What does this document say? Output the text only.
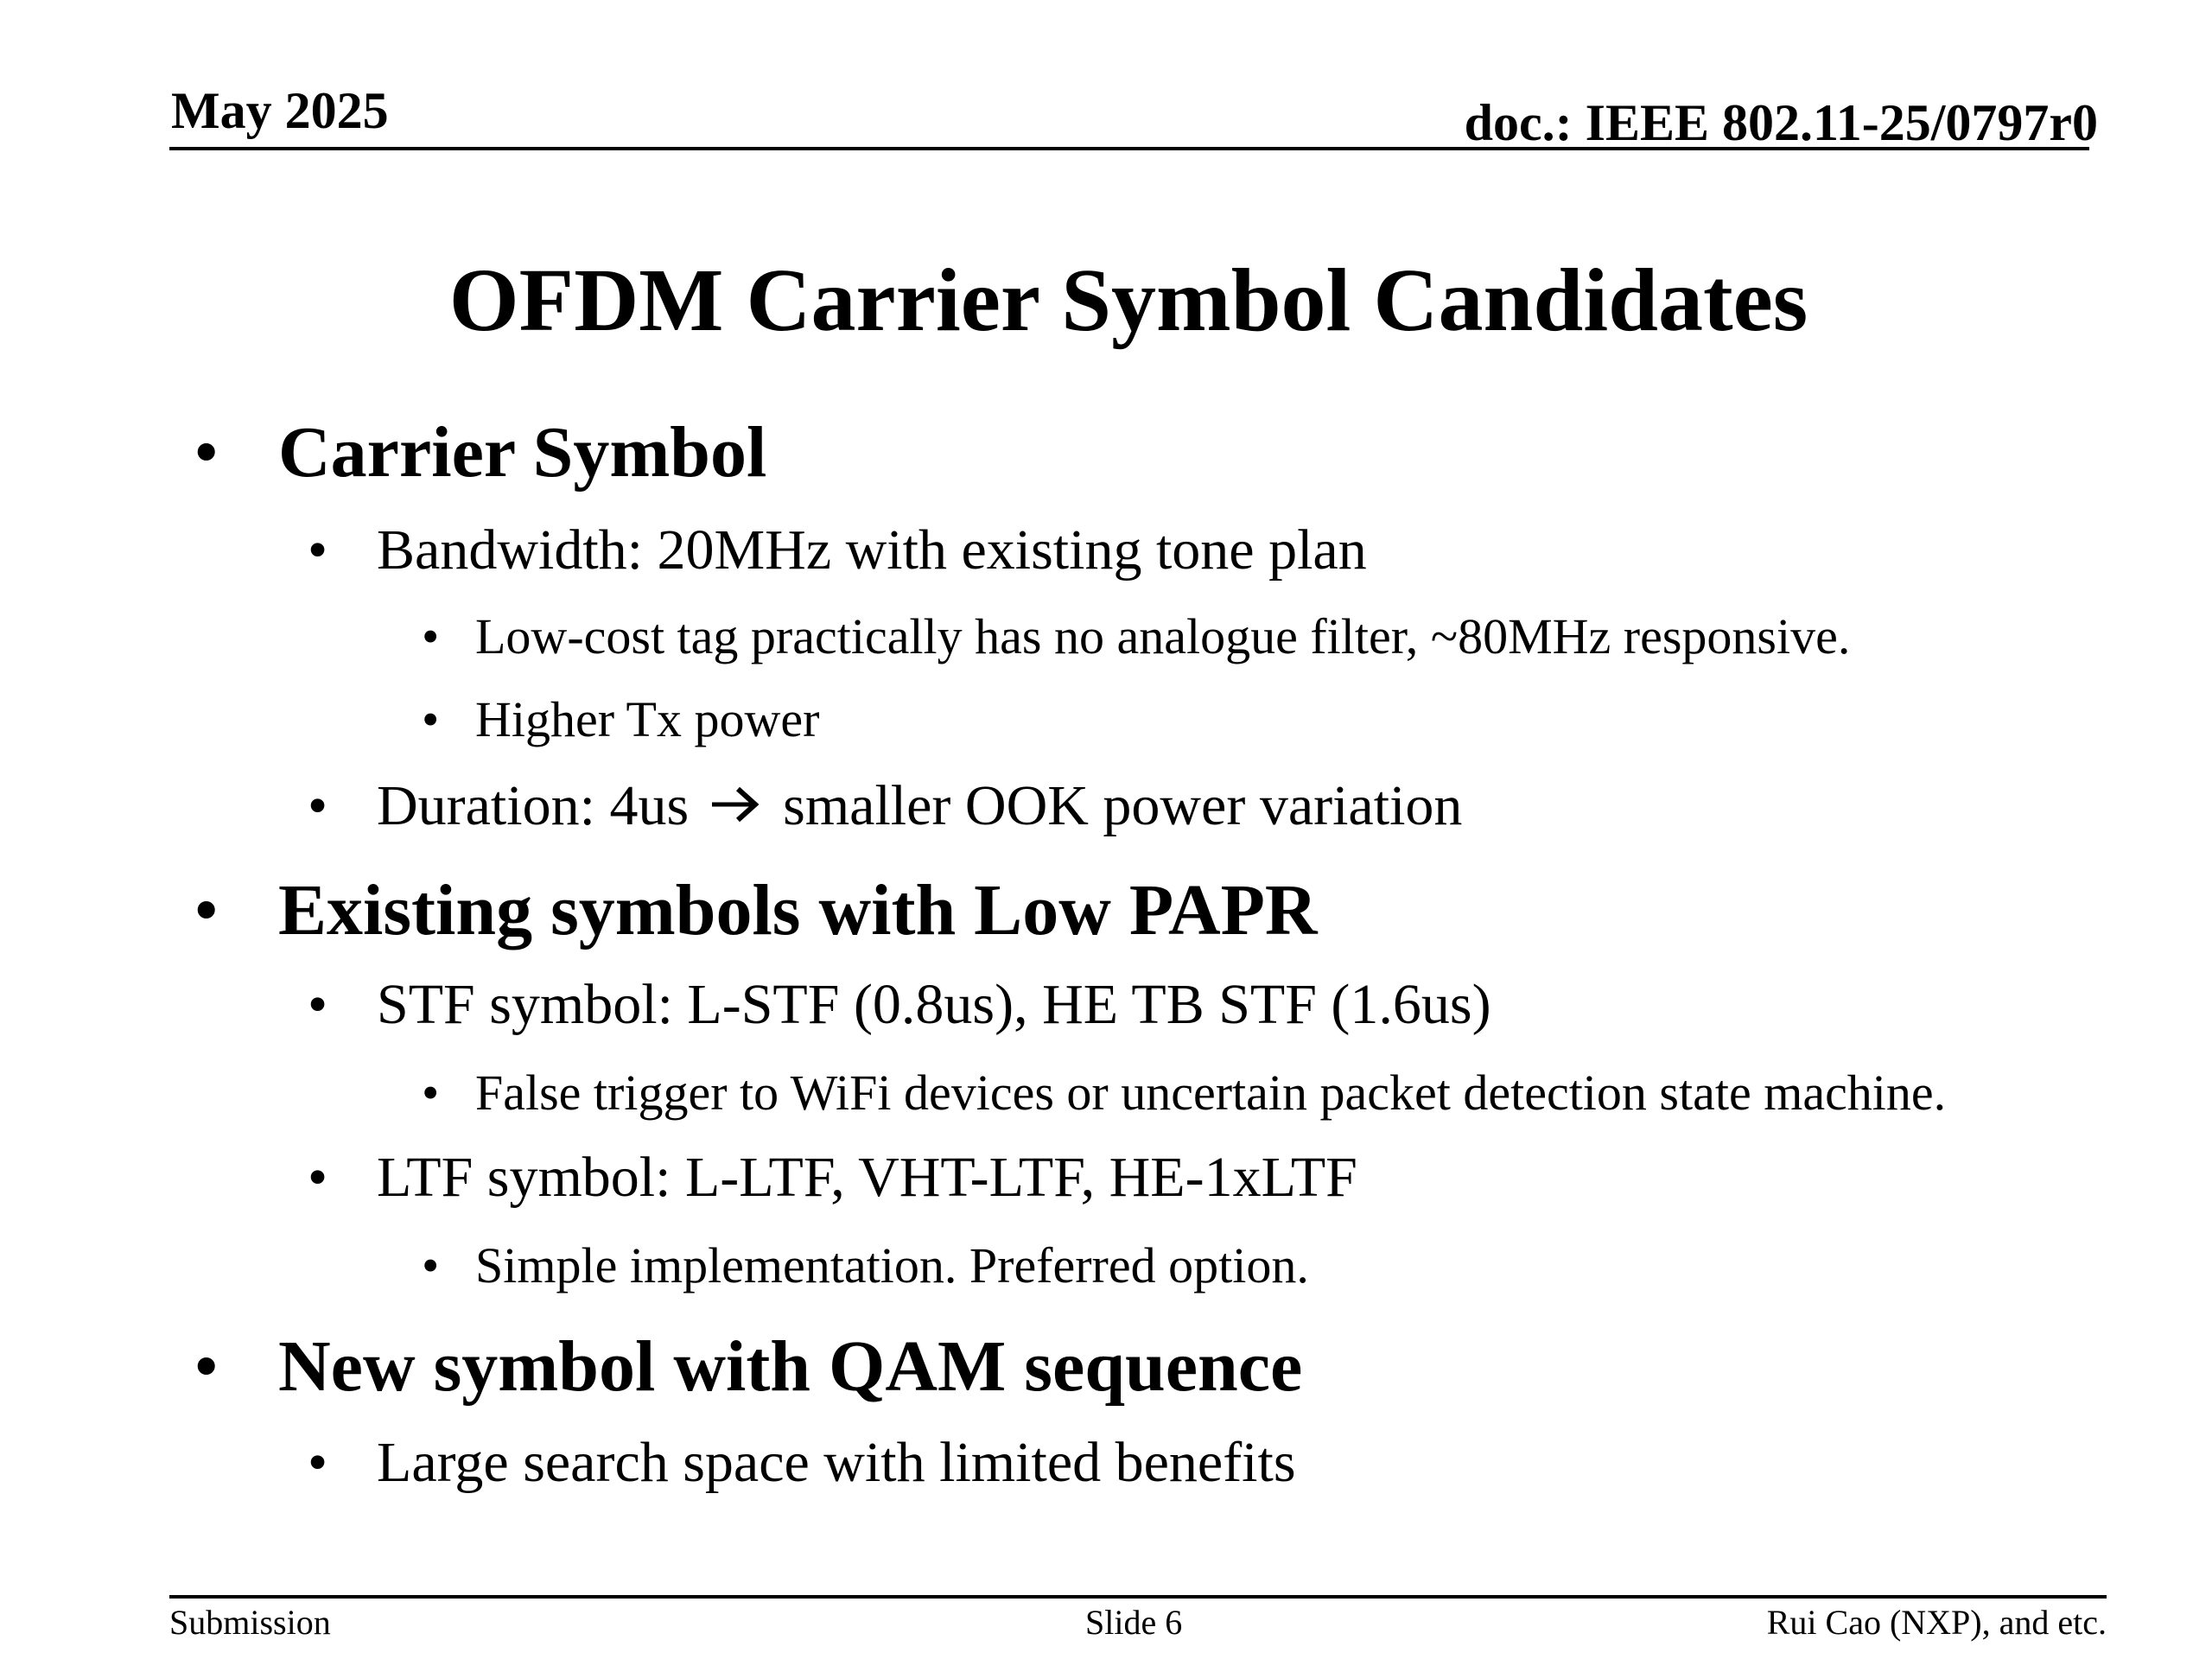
May 2025	doc.: IEEE 802.11-25/0797r0
OFDM Carrier Symbol Candidates
• Carrier Symbol
• Bandwidth: 20MHz with existing tone plan
• Low-cost tag practically has no analogue filter, ~80MHz responsive.
• Higher Tx power
• Duration: 4us smaller OOK power variation
• Existing symbols with Low PAPR
• STF symbol: L-STF (0.8us), HE TB STF (1.6us)
• False trigger to WiFi devices or uncertain packet detection state machine.
• LTF symbol: L-LTF, VHT-LTF, HE-1xLTF
• Simple implementation. Preferred option.
• New symbol with QAM sequence
• Large search space with limited benefits
Submission	Slide 6	Rui Cao (NXP), and etc.
